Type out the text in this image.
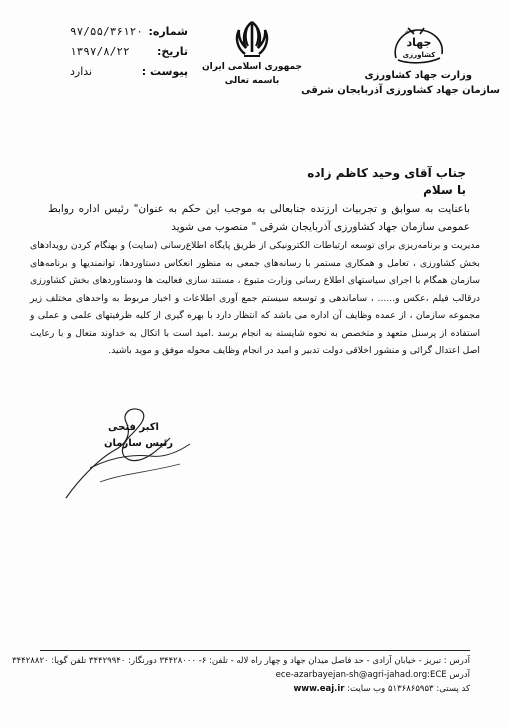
شماره:
۹۷/۵۵/۳۶۱۲۰
تاریخ:
۱۳۹۷/۸/۲۲
پیوست :
ندارد	جمهوری اسلامی ایران
باسمه تعالی
جهاد
کشاورزی
تحقیق
وزارت جهاد کشاورزی
سازمان جهاد کشاورزی آذربایجان شرقی
جناب آقای وحید کاظم زاده
با سلام
باعنایت به سوابق و تجربیات ارزنده جنابعالی به موجب این حکم به عنوان" رئیس اداره روابط عمومی سازمان جهاد کشاورزی آذربایجان شرقی " منصوب می شوید
مدیریت و برنامه‌ریزی برای توسعه ارتباطات الکترونیکی از طریق پایگاه اطلاع‌رسانی (سایت) و بهنگام کردن رویدادهای بخش کشاورزی ، تعامل و همکاری مستمر با رسانه‌های جمعی به منظور انعکاس دستاوردها، توانمندیها و برنامه‌های سازمان همگام با اجرای سیاستهای اطلاع رسانی وزارت متبوع ، مستند سازی فعالیت ها ودستاوردهای بخش کشاورزی درقالب فیلم ،عکس و...... ، ساماندهی و توسعه سیستم جمع آوری اطلاعات و اخبار مربوط به واحدهای مختلف زیر مجموعه سازمان ، از عمده وظایف آن اداره می باشد که انتظار دارد با بهره گیری از کلیه ظرفیتهای علمی و عملی و استفاده از پرسنل متعهد و متخصص به نحوه شایسته به انجام برسد .امید است با اتکال به خداوند متعال و با رعایت اصل اعتدال گرائی و منشور اخلاقی دولت تدبیر و امید در انجام وظایف محوله موفق و موید باشید.
اکبر فتحی
رئیس سازمان
آدرس : تبریز - خیابان آزادی - حد فاصل میدان جهاد و چهار راه لاله - تلفن: ۶- ۳۴۴۲۸۰۰۰ دورنگار: ۳۴۴۲۹۹۴۰ تلفن گویا: ۳۴۴۲۸۸۲۰
آدرس ece-azarbayejan-sh@agri-jahad.org:ECE
کد پستی: ۵۱۳۶۸۶۵۹۵۳ وب سایت: www.eaj.ir
